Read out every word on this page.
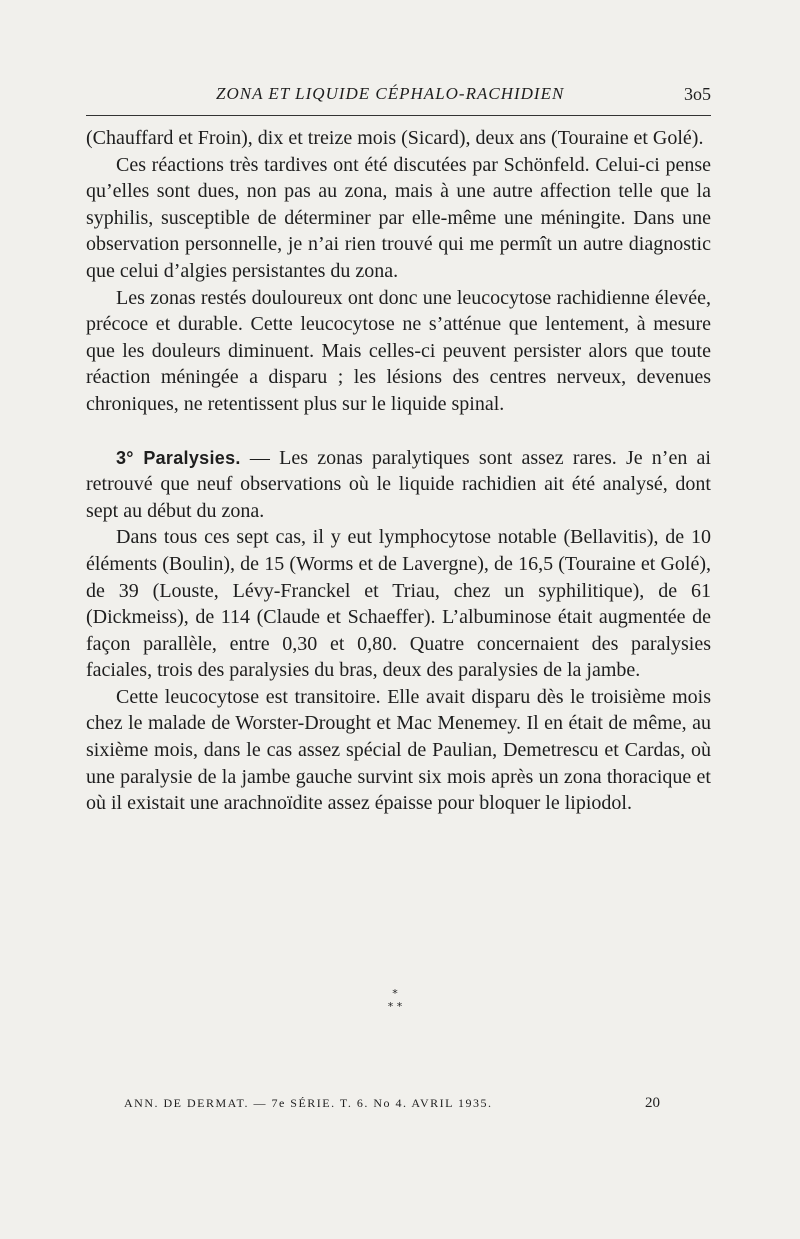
ZONA ET LIQUIDE CÉPHALO-RACHIDIEN	3o5

(Chauffard et Froin), dix et treize mois (Sicard), deux ans (Touraine et Golé).

Ces réactions très tardives ont été discutées par Schönfeld. Celui-ci pense qu’elles sont dues, non pas au zona, mais à une autre affection telle que la syphilis, susceptible de déterminer par elle-même une méningite. Dans une observation personnelle, je n’ai rien trouvé qui me permît un autre diagnostic que celui d’algies persistantes du zona.

Les zonas restés douloureux ont donc une leucocytose rachidienne élevée, précoce et durable. Cette leucocytose ne s’atténue que lentement, à mesure que les douleurs diminuent. Mais celles-ci peuvent persister alors que toute réaction méningée a disparu ; les lésions des centres nerveux, devenues chroniques, ne retentissent plus sur le liquide spinal.

3° Paralysies. — Les zonas paralytiques sont assez rares. Je n’en ai retrouvé que neuf observations où le liquide rachidien ait été analysé, dont sept au début du zona.

Dans tous ces sept cas, il y eut lymphocytose notable (Bellavitis), de 10 éléments (Boulin), de 15 (Worms et de Lavergne), de 16,5 (Touraine et Golé), de 39 (Louste, Lévy-Franckel et Triau, chez un syphilitique), de 61 (Dickmeiss), de 114 (Claude et Schaeffer). L’albuminose était augmentée de façon parallèle, entre 0,30 et 0,80. Quatre concernaient des paralysies faciales, trois des paralysies du bras, deux des paralysies de la jambe.

Cette leucocytose est transitoire. Elle avait disparu dès le troisième mois chez le malade de Worster-Drought et Mac Menemey. Il en était de même, au sixième mois, dans le cas assez spécial de Paulian, Demetrescu et Cardas, où une paralysie de la jambe gauche survint six mois après un zona thoracique et où il existait une arachnoïdite assez épaisse pour bloquer le lipiodol.

*
* *
ANN. DE DERMAT. — 7e SÉRIE. T. 6. No 4. AVRIL 1935.	20
